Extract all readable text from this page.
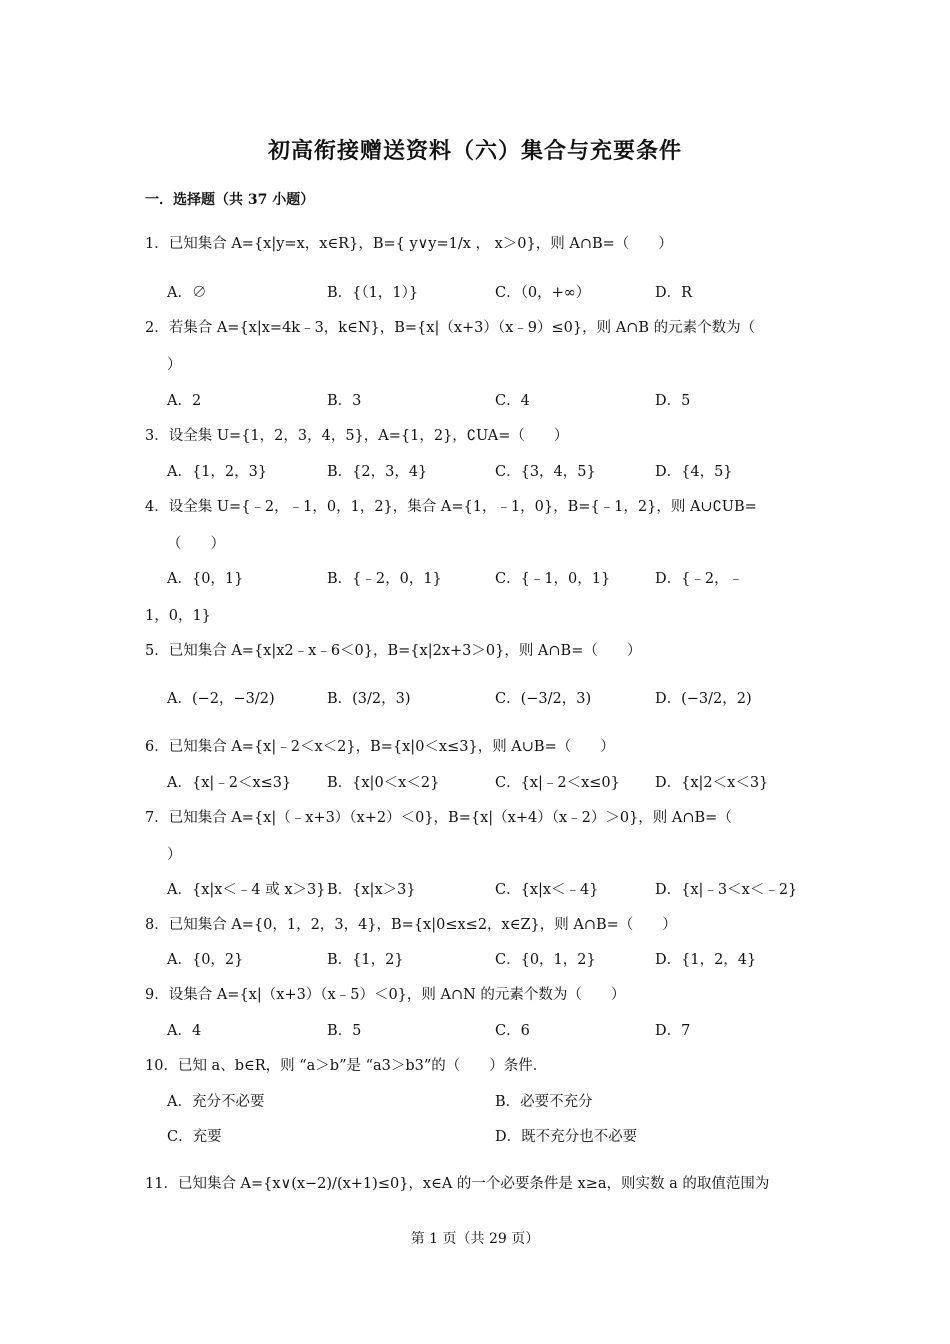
初高衔接赠送资料（六）集合与充要条件
一．选择题（共 37 小题）
1．已知集合 A={x|y=x，x∈R}，B={ y∨y=1/x ， x＞0}，则 A∩B=（　　）
A．∅	B．{（1，1）}	C．（0，+∞）	D．R
2．若集合 A={x|x=4k﹣3，k∈N}，B={x|（x+3）（x﹣9）≤0}，则 A∩B 的元素个数为（
）
A．2	B．3	C．4	D．5
3．设全集 U={1，2，3，4，5}，A={1，2}，∁UA=（　　）
A．{1，2，3}	B．{2，3，4}	C．{3，4，5}	D．{4，5}
4．设全集 U={﹣2，﹣1，0，1，2}，集合 A={1，﹣1，0}，B={﹣1，2}，则 A∪∁UB=
（　　）
A．{0，1}	B．{﹣2，0，1}	C．{﹣1，0，1}	D．{﹣2，﹣
1，0，1}
5．已知集合 A={x|x2﹣x﹣6＜0}，B={x|2x+3＞0}，则 A∩B=（　　）
A．(−2，−3/2)	B．(3/2，3)	C．(−3/2，3)	D．(−3/2，2)
6．已知集合 A={x|﹣2＜x＜2}，B={x|0＜x≤3}，则 A∪B=（　　）
A．{x|﹣2＜x≤3} B．{x|0＜x＜2}	C．{x|﹣2＜x≤0} D．{x|2＜x＜3}
7．已知集合 A={x|（﹣x+3）（x+2）＜0}，B={x|（x+4）（x﹣2）＞0}，则 A∩B=（
）
A．{x|x＜﹣4 或 x＞3} B．{x|x＞3}	C．{x|x＜﹣4}	D．{x|﹣3＜x＜﹣2}
8．已知集合 A={0，1，2，3，4}，B={x|0≤x≤2，x∈Z}，则 A∩B=（　　）
A．{0，2}	B．{1，2}	C．{0，1，2}	D．{1，2，4}
9．设集合 A={x|（x+3）（x﹣5）＜0}，则 A∩N 的元素个数为（　　）
A．4	B．5	C．6	D．7
10．已知 a、b∈R，则 “a＞b”是 “a3＞b3”的（　　）条件．
A．充分不必要	B．必要不充分
C．充要	D．既不充分也不必要
11．已知集合 A={x∨(x−2)/(x+1)≤0}，x∈A 的一个必要条件是 x≥a，则实数 a 的取值范围为
第 1 页（共 29 页）
